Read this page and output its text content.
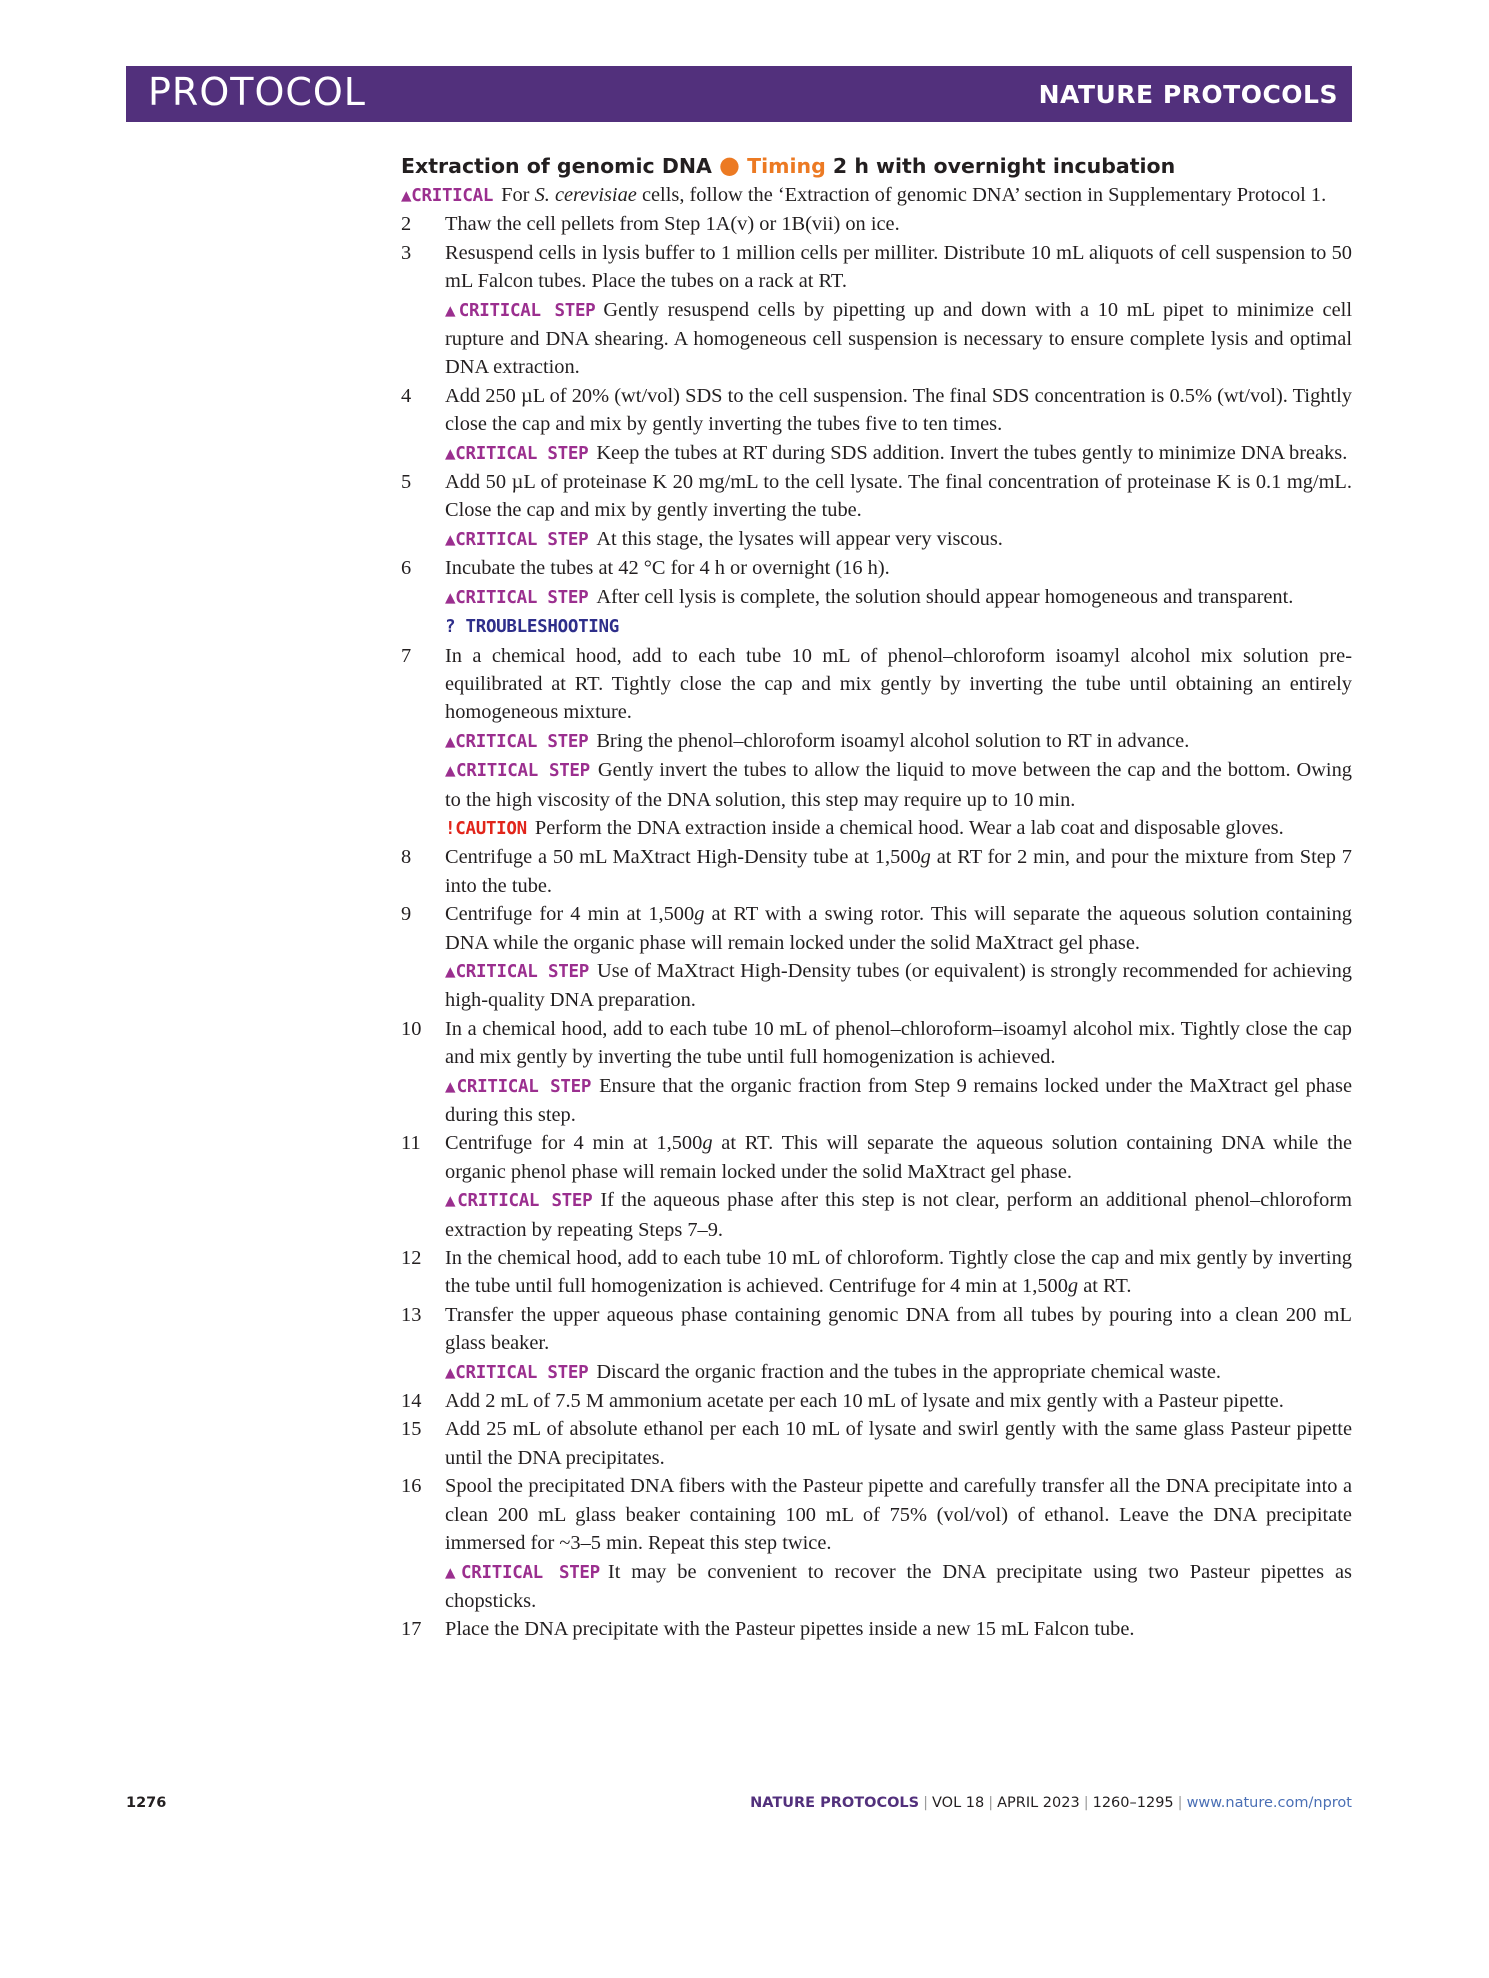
PROTOCOL	NATURE PROTOCOLS
Extraction of genomic DNA ● Timing 2 h with overnight incubation
▲CRITICAL For S. cerevisiae cells, follow the ‘Extraction of genomic DNA’ section in Supplementary Protocol 1.
2 Thaw the cell pellets from Step 1A(v) or 1B(vii) on ice.
3 Resuspend cells in lysis buffer to 1 million cells per milliter. Distribute 10 mL aliquots of cell suspension to 50 mL Falcon tubes. Place the tubes on a rack at RT.
▲CRITICAL STEP Gently resuspend cells by pipetting up and down with a 10 mL pipet to minimize cell rupture and DNA shearing. A homogeneous cell suspension is necessary to ensure complete lysis and optimal DNA extraction.
4 Add 250 µL of 20% (wt/vol) SDS to the cell suspension. The final SDS concentration is 0.5% (wt/vol). Tightly close the cap and mix by gently inverting the tubes five to ten times.
▲CRITICAL STEP Keep the tubes at RT during SDS addition. Invert the tubes gently to minimize DNA breaks.
5 Add 50 µL of proteinase K 20 mg/mL to the cell lysate. The final concentration of proteinase K is 0.1 mg/mL. Close the cap and mix by gently inverting the tube.
▲CRITICAL STEP At this stage, the lysates will appear very viscous.
6 Incubate the tubes at 42 °C for 4 h or overnight (16 h).
▲CRITICAL STEP After cell lysis is complete, the solution should appear homogeneous and transparent.
? TROUBLESHOOTING
7 In a chemical hood, add to each tube 10 mL of phenol–chloroform isoamyl alcohol mix solution pre-equilibrated at RT. Tightly close the cap and mix gently by inverting the tube until obtaining an entirely homogeneous mixture.
▲CRITICAL STEP Bring the phenol–chloroform isoamyl alcohol solution to RT in advance.
▲CRITICAL STEP Gently invert the tubes to allow the liquid to move between the cap and the bottom. Owing to the high viscosity of the DNA solution, this step may require up to 10 min.
!CAUTION Perform the DNA extraction inside a chemical hood. Wear a lab coat and disposable gloves.
8 Centrifuge a 50 mL MaXtract High-Density tube at 1,500g at RT for 2 min, and pour the mixture from Step 7 into the tube.
9 Centrifuge for 4 min at 1,500g at RT with a swing rotor. This will separate the aqueous solution containing DNA while the organic phase will remain locked under the solid MaXtract gel phase.
▲CRITICAL STEP Use of MaXtract High-Density tubes (or equivalent) is strongly recommended for achieving high-quality DNA preparation.
10 In a chemical hood, add to each tube 10 mL of phenol–chloroform–isoamyl alcohol mix. Tightly close the cap and mix gently by inverting the tube until full homogenization is achieved.
▲CRITICAL STEP Ensure that the organic fraction from Step 9 remains locked under the MaXtract gel phase during this step.
11 Centrifuge for 4 min at 1,500g at RT. This will separate the aqueous solution containing DNA while the organic phenol phase will remain locked under the solid MaXtract gel phase.
▲CRITICAL STEP If the aqueous phase after this step is not clear, perform an additional phenol–chloroform extraction by repeating Steps 7–9.
12 In the chemical hood, add to each tube 10 mL of chloroform. Tightly close the cap and mix gently by inverting the tube until full homogenization is achieved. Centrifuge for 4 min at 1,500g at RT.
13 Transfer the upper aqueous phase containing genomic DNA from all tubes by pouring into a clean 200 mL glass beaker.
▲CRITICAL STEP Discard the organic fraction and the tubes in the appropriate chemical waste.
14 Add 2 mL of 7.5 M ammonium acetate per each 10 mL of lysate and mix gently with a Pasteur pipette.
15 Add 25 mL of absolute ethanol per each 10 mL of lysate and swirl gently with the same glass Pasteur pipette until the DNA precipitates.
16 Spool the precipitated DNA fibers with the Pasteur pipette and carefully transfer all the DNA precipitate into a clean 200 mL glass beaker containing 100 mL of 75% (vol/vol) of ethanol. Leave the DNA precipitate immersed for ~3–5 min. Repeat this step twice.
▲CRITICAL STEP It may be convenient to recover the DNA precipitate using two Pasteur pipettes as chopsticks.
17 Place the DNA precipitate with the Pasteur pipettes inside a new 15 mL Falcon tube.
1276	NATURE PROTOCOLS | VOL 18 | APRIL 2023 | 1260–1295 | www.nature.com/nprot
